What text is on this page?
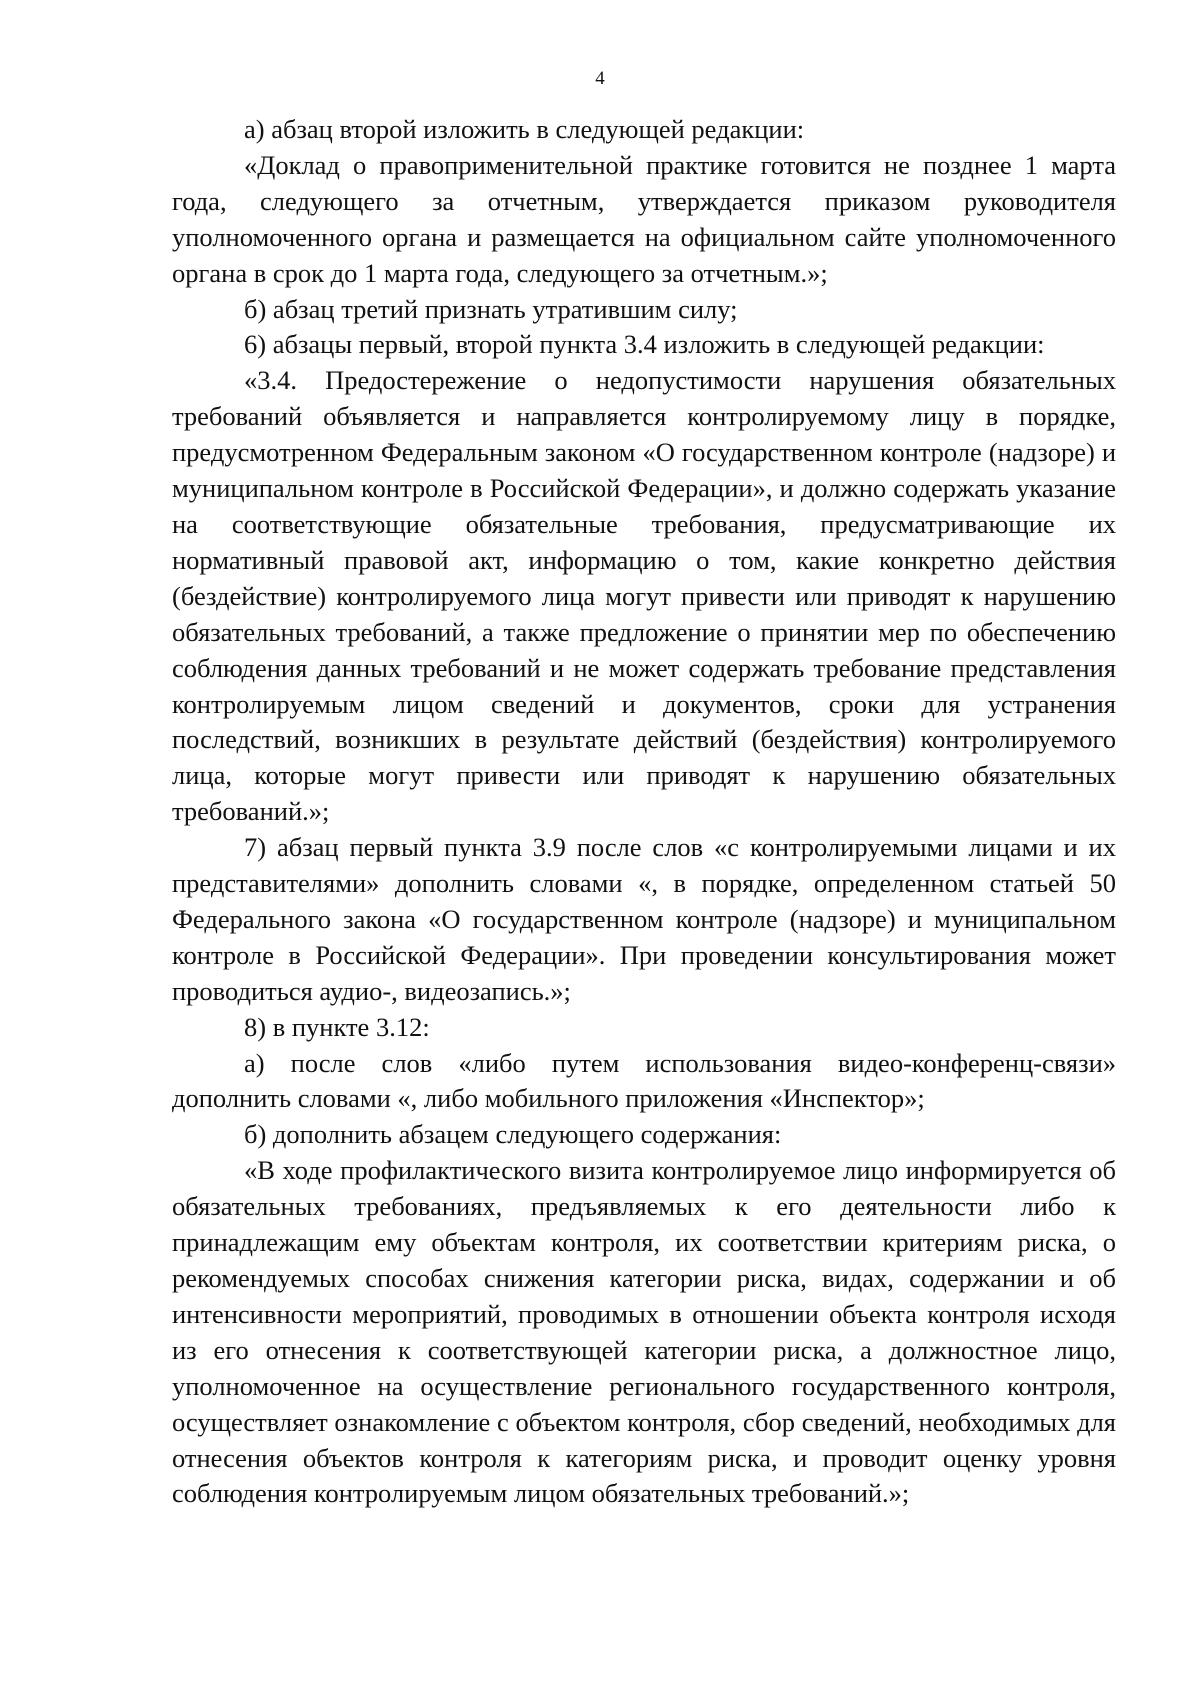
4

а) абзац второй изложить в следующей редакции:

«Доклад о правоприменительной практике готовится не позднее 1 марта года, следующего за отчетным, утверждается приказом руководителя уполномоченного органа и размещается на официальном сайте уполномоченного органа в срок до 1 марта года, следующего за отчетным.»;

б) абзац третий признать утратившим силу;

6) абзацы первый, второй пункта 3.4 изложить в следующей редакции:

«3.4. Предостережение о недопустимости нарушения обязательных требований объявляется и направляется контролируемому лицу в порядке, предусмотренном Федеральным законом «О государственном контроле (надзоре) и муниципальном контроле в Российской Федерации», и должно содержать указание на соответствующие обязательные требования, предусматривающие их нормативный правовой акт, информацию о том, какие конкретно действия (бездействие) контролируемого лица могут привести или приводят к нарушению обязательных требований, а также предложение о принятии мер по обеспечению соблюдения данных требований и не может содержать требование представления контролируемым лицом сведений и документов, сроки для устранения последствий, возникших в результате действий (бездействия) контролируемого лица, которые могут привести или приводят к нарушению обязательных требований.»;

7) абзац первый пункта 3.9 после слов «с контролируемыми лицами и их представителями» дополнить словами «, в порядке, определенном статьей 50 Федерального закона «О государственном контроле (надзоре) и муниципальном контроле в Российской Федерации». При проведении консультирования может проводиться аудио-, видеозапись.»;

8) в пункте 3.12:

а) после слов «либо путем использования видео-конференц-связи» дополнить словами «, либо мобильного приложения «Инспектор»;

б) дополнить абзацем следующего содержания:

«В ходе профилактического визита контролируемое лицо информируется об обязательных требованиях, предъявляемых к его деятельности либо к принадлежащим ему объектам контроля, их соответствии критериям риска, о рекомендуемых способах снижения категории риска, видах, содержании и об интенсивности мероприятий, проводимых в отношении объекта контроля исходя из его отнесения к соответствующей категории риска, а должностное лицо, уполномоченное на осуществление регионального государственного контроля, осуществляет ознакомление с объектом контроля, сбор сведений, необходимых для отнесения объектов контроля к категориям риска, и проводит оценку уровня соблюдения контролируемым лицом обязательных требований.»;
